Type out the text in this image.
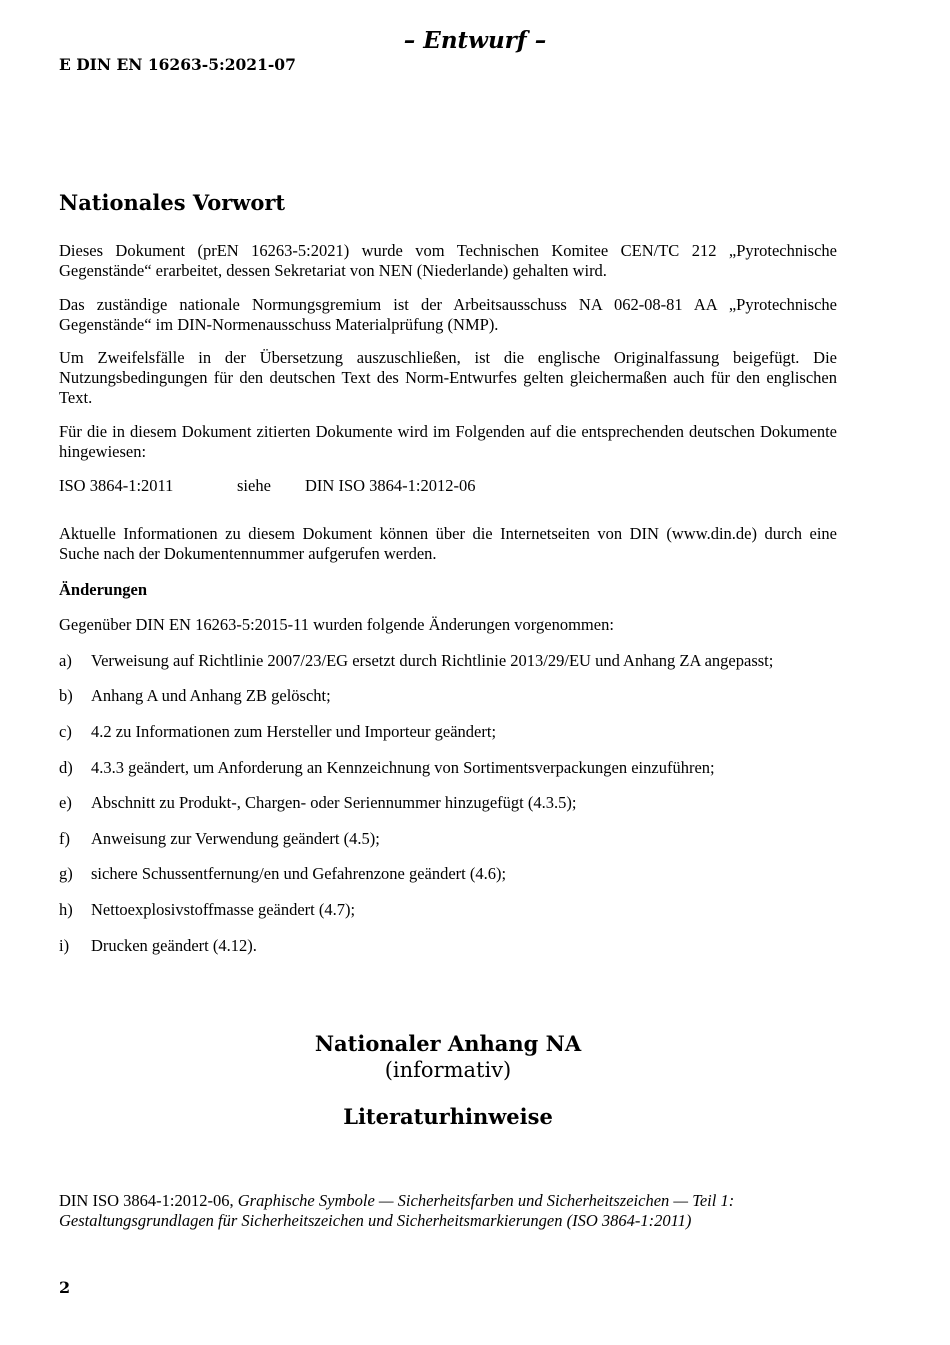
– Entwurf –
E DIN EN 16263-5:2021-07
Nationales Vorwort
Dieses Dokument (prEN 16263-5:2021) wurde vom Technischen Komitee CEN/TC 212 „Pyrotechnische Gegenstände“ erarbeitet, dessen Sekretariat von NEN (Niederlande) gehalten wird.
Das zuständige nationale Normungsgremium ist der Arbeitsausschuss NA 062-08-81 AA „Pyrotechnische Gegenstände“ im DIN-Normenausschuss Materialprüfung (NMP).
Um Zweifelsfälle in der Übersetzung auszuschließen, ist die englische Originalfassung beigefügt. Die Nutzungsbedingungen für den deutschen Text des Norm-Entwurfes gelten gleichermaßen auch für den englischen Text.
Für die in diesem Dokument zitierten Dokumente wird im Folgenden auf die entsprechenden deutschen Dokumente hingewiesen:
ISO 3864-1:2011	siehe DIN ISO 3864-1:2012-06
Aktuelle Informationen zu diesem Dokument können über die Internetseiten von DIN (www.din.de) durch eine Suche nach der Dokumentennummer aufgerufen werden.
Änderungen
Gegenüber DIN EN 16263-5:2015-11 wurden folgende Änderungen vorgenommen:
a) Verweisung auf Richtlinie 2007/23/EG ersetzt durch Richtlinie 2013/29/EU und Anhang ZA angepasst;
b) Anhang A und Anhang ZB gelöscht;
c) 4.2 zu Informationen zum Hersteller und Importeur geändert;
d) 4.3.3 geändert, um Anforderung an Kennzeichnung von Sortimentsverpackungen einzuführen;
e) Abschnitt zu Produkt-, Chargen- oder Seriennummer hinzugefügt (4.3.5);
f) Anweisung zur Verwendung geändert (4.5);
g) sichere Schussentfernung/en und Gefahrenzone geändert (4.6);
h) Nettoexplosivstoffmasse geändert (4.7);
i) Drucken geändert (4.12).
Nationaler Anhang NA
(informativ)
Literaturhinweise
DIN ISO 3864-1:2012-06, Graphische Symbole — Sicherheitsfarben und Sicherheitszeichen — Teil 1: Gestaltungsgrundlagen für Sicherheitszeichen und Sicherheitsmarkierungen (ISO 3864-1:2011)
2
